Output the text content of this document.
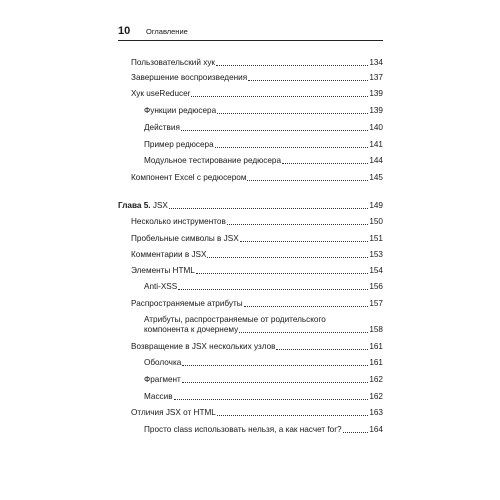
10 Оглавление
Пользовательский хук	134
Завершение воспроизведения	137
Хук useReducer	139
Функции редюсера	139
Действия	140
Пример редюсера	141
Модульное тестирование редюсера	144
Компонент Excel с редюсером	145
Глава 5. JSX	149
Несколько инструментов	150
Пробельные символы в JSX	151
Комментарии в JSX	153
Элементы HTML	154
Anti-XSS	156
Распространяемые атрибуты	157
Атрибуты, распространяемые от родительского
компонента к дочернему	158
Возвращение в JSX нескольких узлов	161
Оболочка	161
Фрагмент	162
Массив	162
Отличия JSX от HTML	163
Просто class использовать нельзя, а как насчет for?	164
